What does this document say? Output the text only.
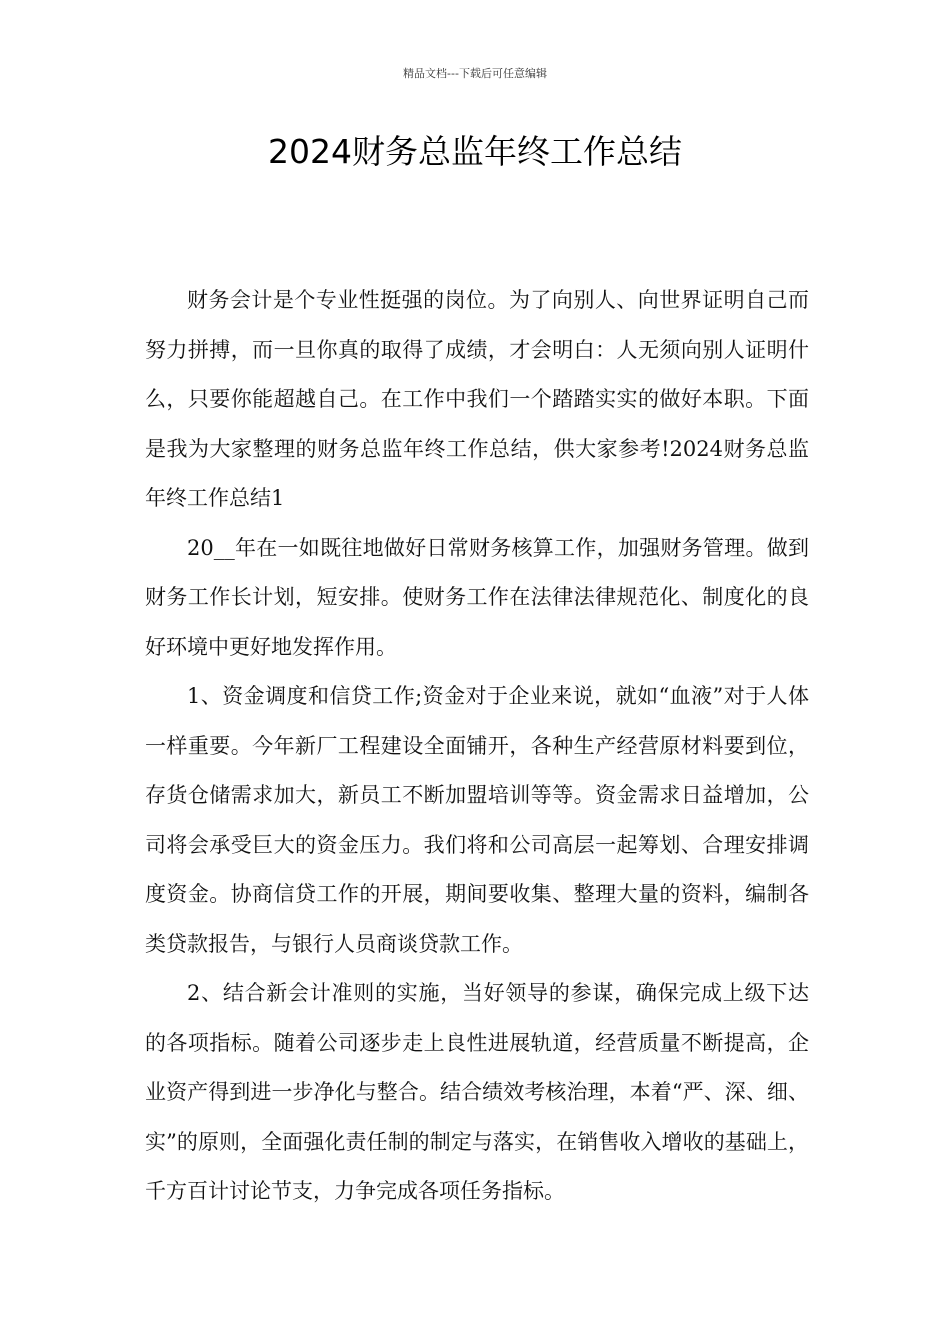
精品文档---下载后可任意编辑
2024财务总监年终工作总结

财务会计是个专业性挺强的岗位。为了向别人、向世界证明自己而努力拼搏，而一旦你真的取得了成绩，才会明白：人无须向别人证明什么，只要你能超越自己。在工作中我们一个踏踏实实的做好本职。下面是我为大家整理的财务总监年终工作总结，供大家参考!2024财务总监年终工作总结1

20__年在一如既往地做好日常财务核算工作，加强财务管理。做到财务工作长计划，短安排。使财务工作在法律法律规范化、制度化的良好环境中更好地发挥作用。

1、资金调度和信贷工作;资金对于企业来说，就如“血液”对于人体一样重要。今年新厂工程建设全面铺开，各种生产经营原材料要到位，存货仓储需求加大，新员工不断加盟培训等等。资金需求日益增加，公司将会承受巨大的资金压力。我们将和公司高层一起筹划、合理安排调度资金。协商信贷工作的开展，期间要收集、整理大量的资料，编制各类贷款报告，与银行人员商谈贷款工作。

2、结合新会计准则的实施，当好领导的参谋，确保完成上级下达的各项指标。随着公司逐步走上良性进展轨道，经营质量不断提高，企业资产得到进一步净化与整合。结合绩效考核治理，本着“严、深、细、实”的原则，全面强化责任制的制定与落实，在销售收入增收的基础上，千方百计讨论节支，力争完成各项任务指标。
